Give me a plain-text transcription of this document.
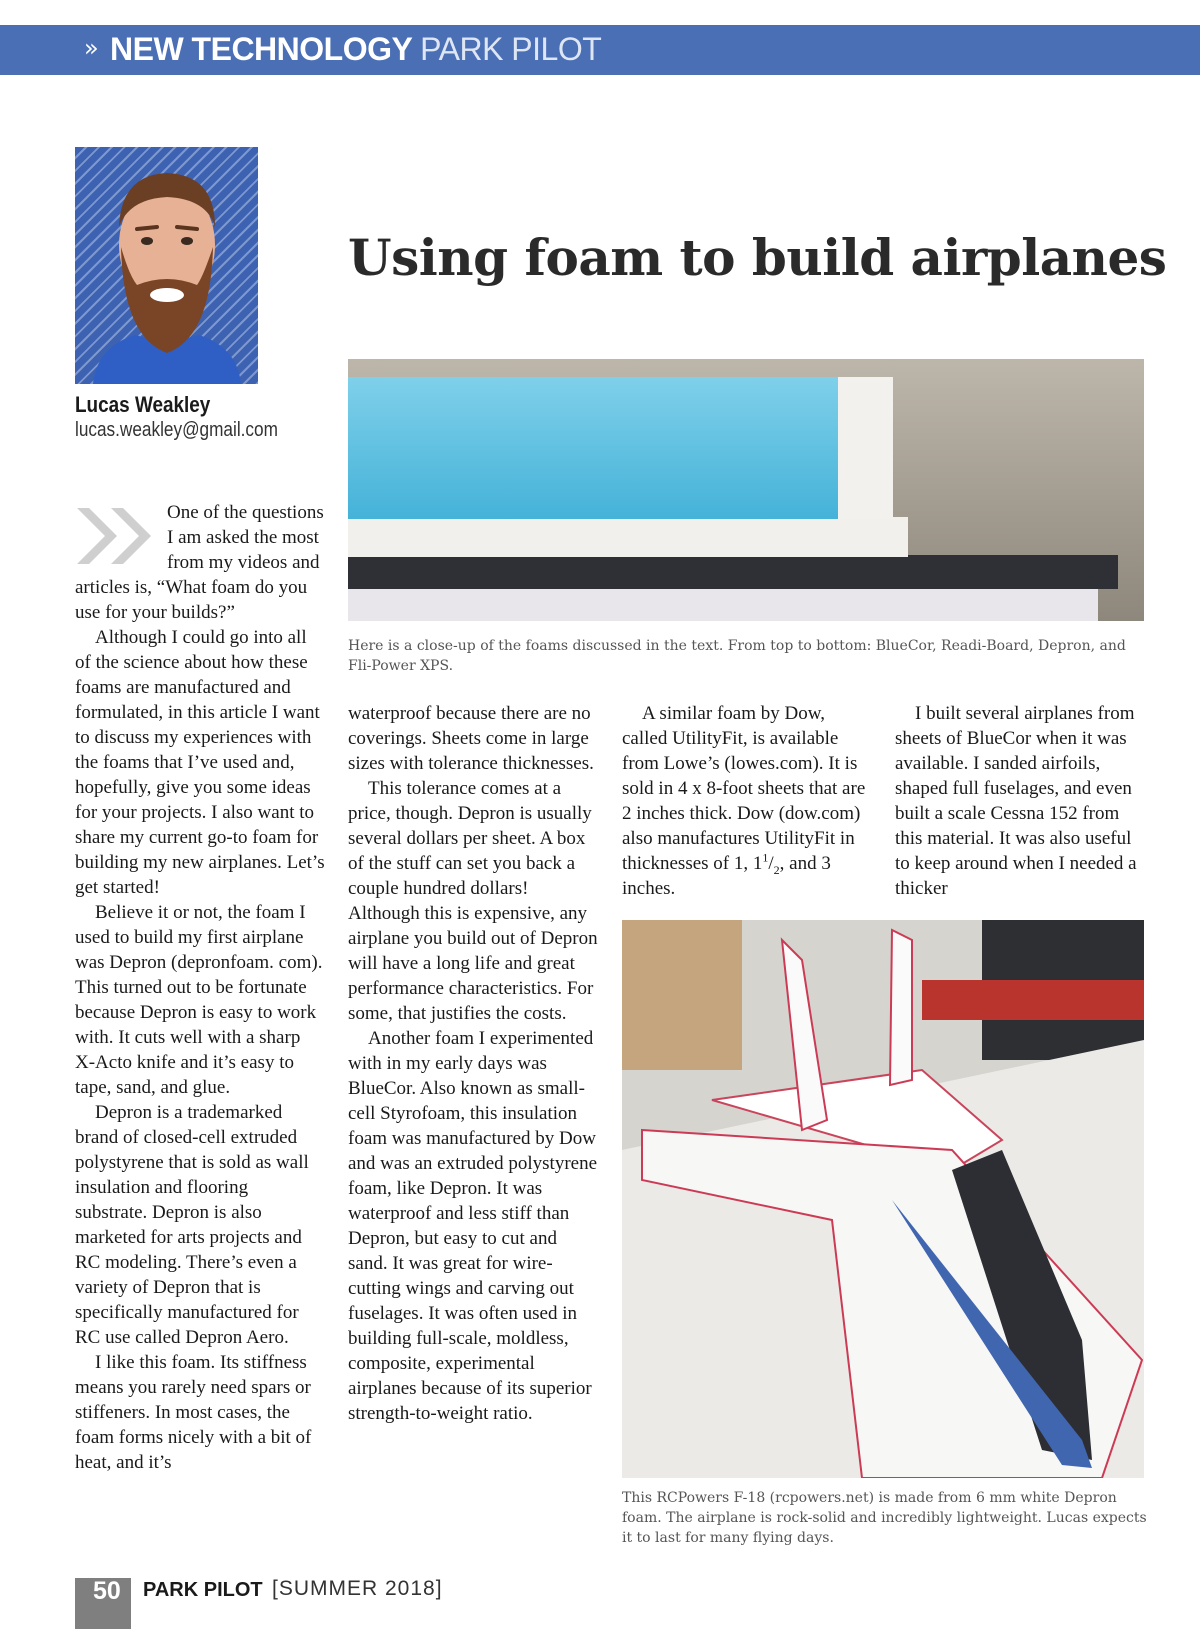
» NEW TECHNOLOGY PARK PILOT
Lucas Weakley
lucas.weakley@gmail.com
Using foam to build airplanes
Here is a close-up of the foams discussed in the text. From top to bottom: BlueCor, Readi-Board, Depron, and Fli-Power XPS.
This RCPowers F-18 (rcpowers.net) is made from 6 mm white Depron foam. The airplane is rock-solid and incredibly lightweight. Lucas expects it to last for many flying days.

One of the questions I am asked the most from my videos and articles is, “What foam do you use for your builds?”

Although I could go into all of the science about how these foams are manufactured and formulated, in this article I want to discuss my experiences with the foams that I’ve used and, hopefully, give you some ideas for your projects. I also want to share my current go-to foam for building my new airplanes. Let’s get started!

Believe it or not, the foam I used to build my first airplane was Depron (depronfoam. com). This turned out to be fortunate because Depron is easy to work with. It cuts well with a sharp X-Acto knife and it’s easy to tape, sand, and glue.

Depron is a trademarked brand of closed-cell extruded polystyrene that is sold as wall insulation and flooring substrate. Depron is also marketed for arts projects and RC modeling. There’s even a variety of Depron that is specifically manufactured for RC use called Depron Aero.

I like this foam. Its stiffness means you rarely need spars or stiffeners. In most cases, the foam forms nicely with a bit of heat, and it’s

waterproof because there are no coverings. Sheets come in large sizes with tolerance thicknesses.

This tolerance comes at a price, though. Depron is usually several dollars per sheet. A box of the stuff can set you back a couple hundred dollars! Although this is expensive, any airplane you build out of Depron will have a long life and great performance characteristics. For some, that justifies the costs.

Another foam I experimented with in my early days was BlueCor. Also known as small-cell Styrofoam, this insulation foam was manufactured by Dow and was an extruded polystyrene foam, like Depron. It was waterproof and less stiff than Depron, but easy to cut and sand. It was great for wire-cutting wings and carving out fuselages. It was often used in building full-scale, moldless, composite, experimental airplanes because of its superior strength-to-weight ratio.

A similar foam by Dow, called UtilityFit, is available from Lowe’s (lowes.com). It is sold in 4 x 8-foot sheets that are 2 inches thick. Dow (dow.com) also manufactures UtilityFit in thicknesses of 1, $1^1/_2$, and 3 inches.

I built several airplanes from sheets of BlueCor when it was available. I sanded airfoils, shaped full fuselages, and even built a scale Cessna 152 from this material. It was also useful to keep around when I needed a thicker

50 PARK PILOT [SUMMER 2018]
